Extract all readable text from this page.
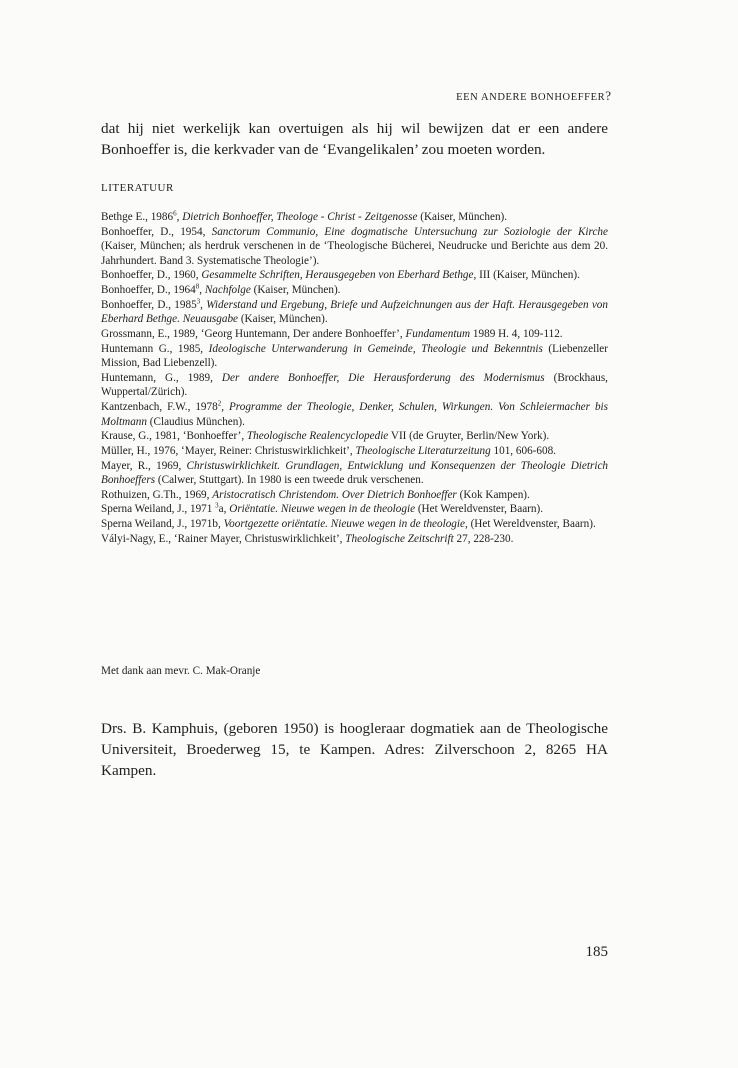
EEN ANDERE BONHOEFFER?

dat hij niet werkelijk kan overtuigen als hij wil bewijzen dat er een andere Bonhoeffer is, die kerkvader van de ‘Evangelikalen’ zou moeten worden.

LITERATUUR

Bethge E., 1986$^6$, Dietrich Bonhoeffer, Theologe - Christ - Zeitgenosse (Kaiser, München).

Bonhoeffer, D., 1954, Sanctorum Communio, Eine dogmatische Untersuchung zur Soziologie der Kirche (Kaiser, München; als herdruk verschenen in de ‘Theologische Bücherei, Neudrucke und Berichte aus dem 20. Jahrhundert. Band 3. Systematische Theologie’).

Bonhoeffer, D., 1960, Gesammelte Schriften, Herausgegeben von Eberhard Bethge, III (Kaiser, München).

Bonhoeffer, D., 1964$^8$, Nachfolge (Kaiser, München).

Bonhoeffer, D., 1985$^3$, Widerstand und Ergebung, Briefe und Aufzeichnungen aus der Haft. Herausgegeben von Eberhard Bethge. Neuausgabe (Kaiser, München).

Grossmann, E., 1989, ‘Georg Huntemann, Der andere Bonhoeffer’, Fundamentum 1989 H. 4, 109-112.

Huntemann G., 1985, Ideologische Unterwanderung in Gemeinde, Theologie und Bekenntnis (Liebenzeller Mission, Bad Liebenzell).

Huntemann, G., 1989, Der andere Bonhoeffer, Die Herausforderung des Modernismus (Brockhaus, Wuppertal/Zürich).

Kantzenbach, F.W., 1978$^2$, Programme der Theologie, Denker, Schulen, Wirkungen. Von Schleiermacher bis Moltmann (Claudius München).

Krause, G., 1981, ‘Bonhoeffer’, Theologische Realencyclopedie VII (de Gruyter, Berlin/New York).

Müller, H., 1976, ‘Mayer, Reiner: Christuswirklichkeit’, Theologische Literaturzeitung 101, 606-608.

Mayer, R., 1969, Christuswirklichkeit. Grundlagen, Entwicklung und Konsequenzen der Theologie Dietrich Bonhoeffers (Calwer, Stuttgart). In 1980 is een tweede druk verschenen.

Rothuizen, G.Th., 1969, Aristocratisch Christendom. Over Dietrich Bonhoeffer (Kok Kampen).

Sperna Weiland, J., 1971 $^3$a, Oriëntatie. Nieuwe wegen in de theologie (Het Wereldvenster, Baarn).

Sperna Weiland, J., 1971b, Voortgezette oriëntatie. Nieuwe wegen in de theologie, (Het Wereldvenster, Baarn).

Vályi-Nagy, E., ‘Rainer Mayer, Christuswirklichkeit’, Theologische Zeitschrift 27, 228-230.

Met dank aan mevr. C. Mak-Oranje

Drs. B. Kamphuis, (geboren 1950) is hoogleraar dogmatiek aan de Theologische Universiteit, Broederweg 15, te Kampen. Adres: Zilverschoon 2, 8265 HA Kampen.

185
